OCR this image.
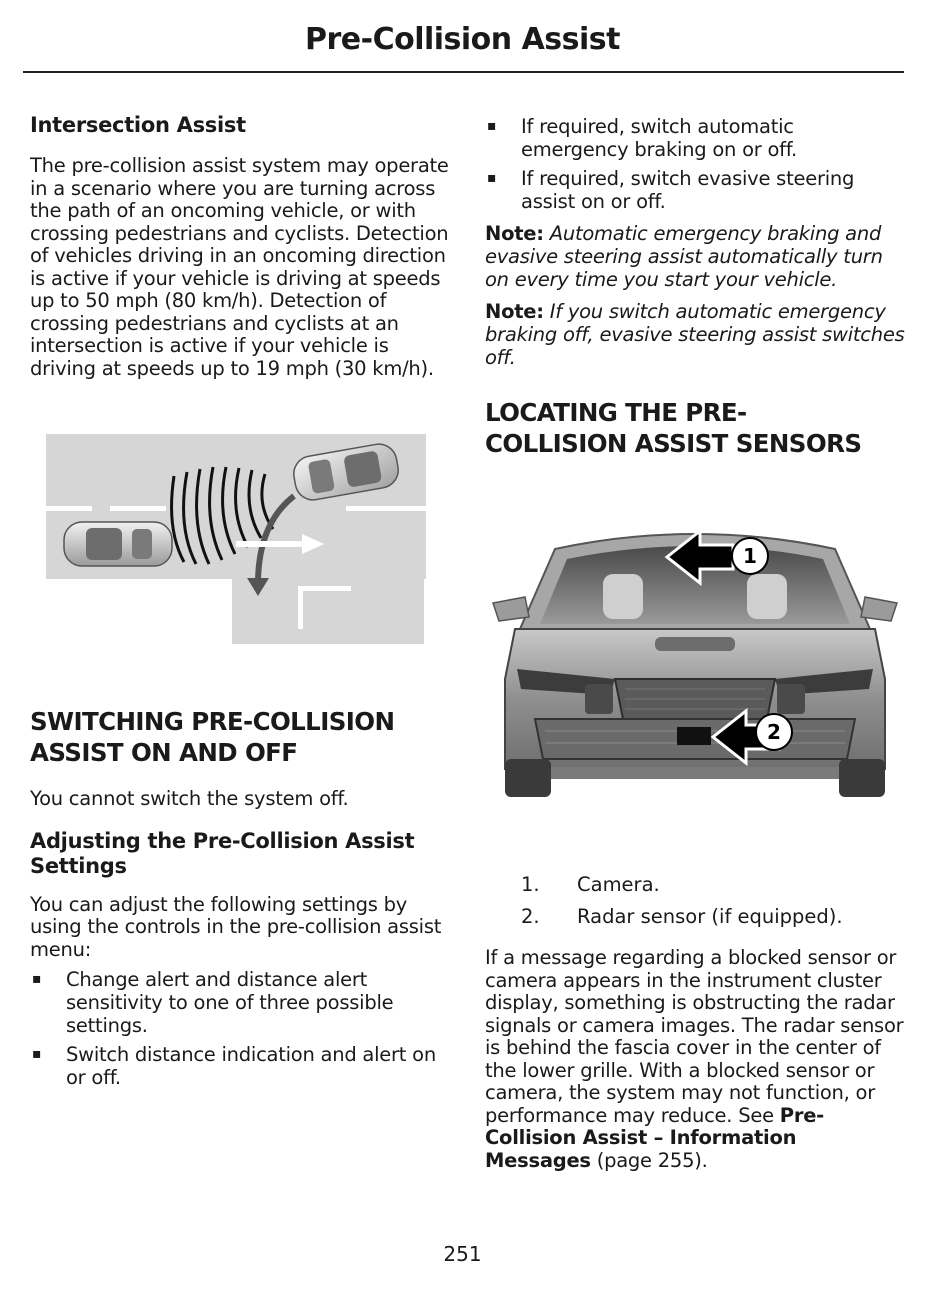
Pre-Collision Assist
Intersection Assist

The pre-collision assist system may operate in a scenario where you are turning across the path of an oncoming vehicle, or with crossing pedestrians and cyclists. Detection of vehicles driving in an oncoming direction is active if your vehicle is driving at speeds up to 50 mph (80 km/h). Detection of crossing pedestrians and cyclists at an intersection is active if your vehicle is driving at speeds up to 19 mph (30 km/h).

SWITCHING PRE-COLLISION
ASSIST ON AND OFF

You cannot switch the system off.

Adjusting the Pre-Collision Assist Settings

You can adjust the following settings by using the controls in the pre-collision assist menu:

▪ Change alert and distance alert sensitivity to one of three possible settings.
▪ Switch distance indication and alert on or off.
▪ If required, switch automatic emergency braking on or off.
▪ If required, switch evasive steering assist on or off.

Note: Automatic emergency braking and evasive steering assist automatically turn on every time you start your vehicle.

Note: If you switch automatic emergency braking off, evasive steering assist switches off.

LOCATING THE PRE-
COLLISION ASSIST SENSORS
1
2
1. Camera.
2. Radar sensor (if equipped).

If a message regarding a blocked sensor or camera appears in the instrument cluster display, something is obstructing the radar signals or camera images. The radar sensor is behind the fascia cover in the center of the lower grille. With a blocked sensor or camera, the system may not function, or performance may reduce. See Pre-Collision Assist – Information Messages (page 255).

251
